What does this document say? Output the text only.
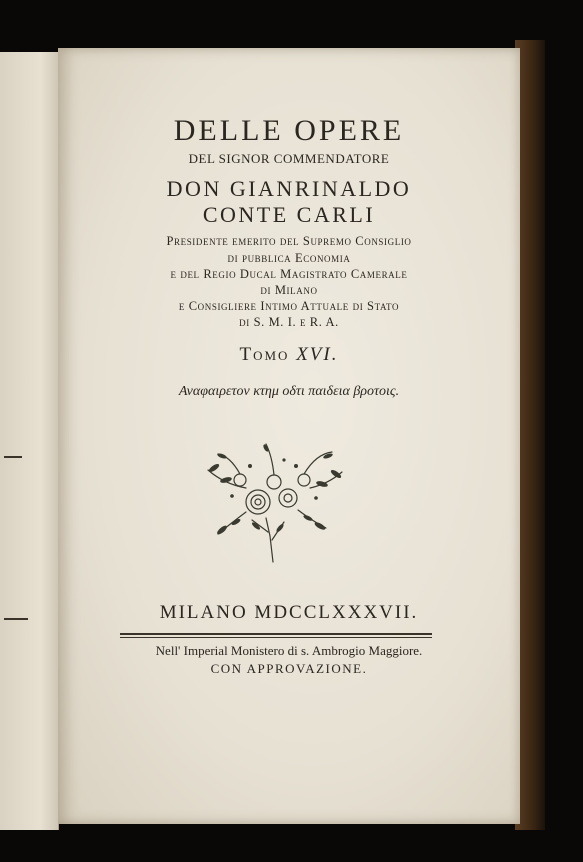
DELLE OPERE
DEL SIGNOR COMMENDATORE
DON GIANRINALDO
CONTE CARLI
Presidente emerito del Supremo Consiglio
di pubblica Economia
e del Regio Ducal Magistrato Camerale
di Milano
e Consigliere Intimo Attuale di Stato
di S. M. I. e R. A.
Tomo XVI.
Αναφαιρετον κτημ οδτι παιδεια βροτοις.
MILANO MDCCLXXXVII.
Nell' Imperial Monistero di s. Ambrogio Maggiore.
CON APPROVAZIONE.
